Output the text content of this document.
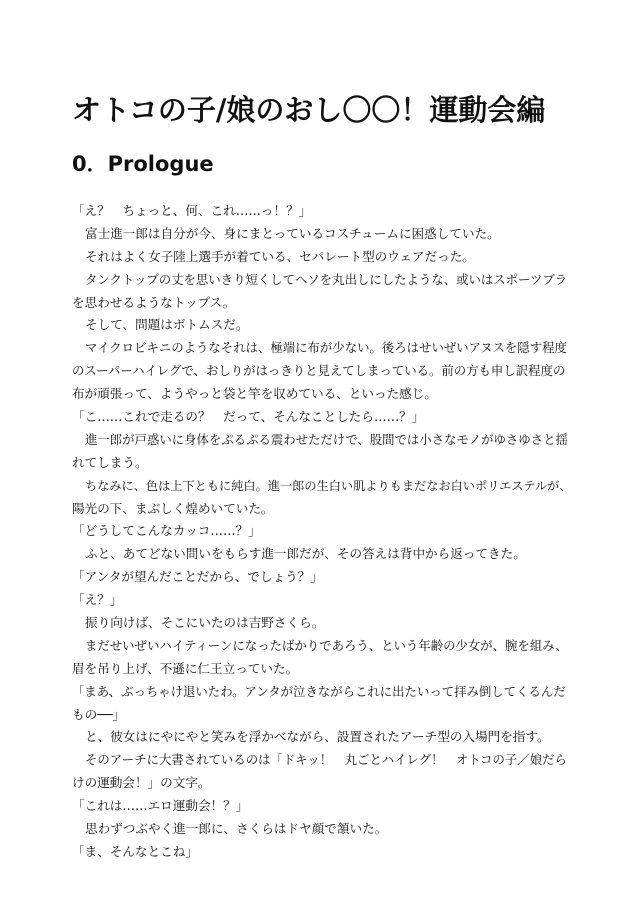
オトコの子/娘のおし〇〇！運動会編
0．Prologue
「え？　ちょっと、何、これ……っ！？」
富士進一郎は自分が今、身にまとっているコスチュームに困惑していた。
それはよく女子陸上選手が着ている、セパレート型のウェアだった。
タンクトップの丈を思いきり短くしてヘソを丸出しにしたような、或いはスポーツブラ
を思わせるようなトップス。
そして、問題はボトムスだ。
マイクロビキニのようなそれは、極端に布が少ない。後ろはせいぜいアヌスを隠す程度
のスーパーハイレグで、おしりがはっきりと見えてしまっている。前の方も申し訳程度の
布が頑張って、ようやっと袋と竿を収めている、といった感じ。
「こ……これで走るの？　だって、そんなことしたら……？」
進一郎が戸惑いに身体をぷるぷる震わせただけで、股間では小さなモノがゆさゆさと揺
れてしまう。
ちなみに、色は上下ともに純白。進一郎の生白い肌よりもまだなお白いポリエステルが、
陽光の下、まぶしく煌めいていた。
「どうしてこんなカッコ……？」
ふと、あてどない問いをもらす進一郎だが、その答えは背中から返ってきた。
「アンタが望んだことだから、でしょう？」
「え？」
振り向けば、そこにいたのは吉野さくら。
まだせいぜいハイティーンになったばかりであろう、という年齢の少女が、腕を組み、
眉を吊り上げ、不遜に仁王立っていた。
「まあ、ぶっちゃけ退いたわ。アンタが泣きながらこれに出たいって拝み倒してくるんだ
もの──」
と、彼女はにやにやと笑みを浮かべながら、設置されたアーチ型の入場門を指す。
そのアーチに大書されているのは「ドキッ！　丸ごとハイレグ！　オトコの子／娘だら
けの運動会！」の文字。
「これは……エロ運動会！？」
思わずつぶやく進一郎に、さくらはドヤ顔で頷いた。
「ま、そんなとこね」
